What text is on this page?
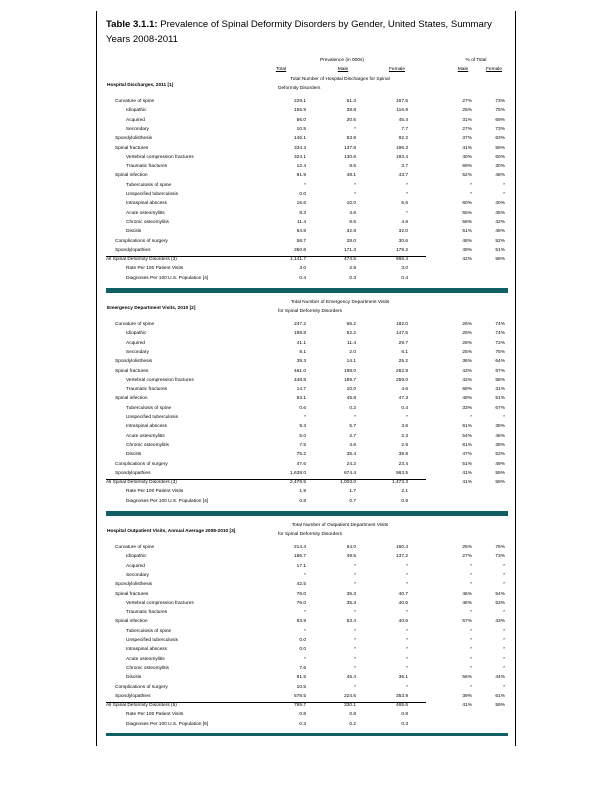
Table 3.1.1: Prevalence of Spinal Deformity Disorders by Gender, United States, Summary Years 2008-2011
Prevalence (in 000s)	% of Total
Total	Male	Female	Male	Female
Total Number of Hospital Discharges for Spinal
Deformity Disorders
Hospital Discharges, 2011 [1]
Curvature of spine	229.1	61.3	167.6	27%	73%
Idiopathic	155.9	38.8	116.9	25%	75%
Acquired	66.0	20.6	45.4	31%	69%
Secondary	10.5	*	7.7	27%	73%
Spondylolisthesis	146.1	53.9	92.2	37%	63%
Spinal fractures	334.3	137.8	196.3	41%	59%
Vertebral compression fractures	324.1	130.6	193.4	40%	60%
Traumatic fractures	12.4	8.6	3.7	69%	30%
Spinal infection	91.9	48.1	43.7	52%	48%
Tuberculosis of spine	*	*	*	*	*
Unspecified tuberculosis	0.0	*	*	*	*
Intraspinal abscess	16.6	10.0	6.6	60%	40%
Acute osteomylitis	8.3	4.6	*	55%	45%
Chronic osteomylitis	11.4	6.6	4.8	58%	42%
Discitis	64.8	32.8	32.0	51%	49%
Complications of surgery	58.7	28.0	30.6	48%	52%
Spondylopathies	350.8	171.3	179.2	49%	51%
All Spinal Deformity Disorders (3)	1,141.7	474.5	666.4	42%	58%
Rate Per 100 Patient Visits	3.0	2.9	3.0
Diagnoses Per 100 U.S. Population [4]	0.4	0.3	0.4
Total Number of Emergency Department Visits
for Spinal Deformity Disorders
Emergency Department Visits, 2010 [2]
Curvature of spine	247.2	65.2	182.0	26%	74%
Idiopathic	199.8	52.2	147.6	26%	74%
Acquired	41.1	11.4	29.7	28%	72%
Secondary	8.1	2.0	6.1	25%	75%
Spondylolisthesis	39.3	14.1	25.2	36%	64%
Spinal fractures	461.0	198.0	262.9	43%	57%
Vertebral compression fractures	448.8	189.7	259.0	42%	58%
Traumatic fractures	14.7	10.0	4.6	68%	31%
Spinal infection	93.1	45.8	47.3	49%	51%
Tuberculosis of spine	0.6	0.2	0.4	33%	67%
Unspecified tuberculosis	*	*	*	*	*
Intraspinal abscess	9.3	5.7	3.6	61%	39%
Acute osteomylitis	5.0	2.7	2.3	54%	46%
Chronic osteomylitis	7.5	4.6	2.9	61%	39%
Discitis	75.2	35.4	39.8	47%	53%
Complications of surgery	47.6	24.2	23.4	51%	49%
Spondylopathies	1,638.0	674.4	963.5	41%	59%
All Spinal Deformity Disorders (3)	2,476.5	1,003.0	1,473.3	41%	59%
Rate Per 100 Patient Visits	1.9	1.7	2.1
Diagnoses Per 100 U.S. Population [4]	0.8	0.7	0.9
Total Number of Outpatient Department Visits
for Spinal Deformity Disorders
Hospital Outpatient Visits, Annual Average 2008-2010 [3]
Curvature of spine	214.4	54.0	160.4	25%	75%
Idiopathic	186.7	49.5	137.2	27%	73%
Acquired	17.1	*	*	*	*
Secondary	*	*	*	*	*
Spondylolisthesis	42.5	*	*	*	*
Spinal fractures	76.0	35.3	40.7	46%	54%
Vertebral compression fractures	76.0	35.3	40.6	46%	53%
Traumatic fractures	*	*	*	*	*
Spinal infection	93.9	53.4	40.6	57%	43%
Tuberculosis of spine	*	*	*	*	*
Unspecified tuberculosis	0.0	*	*	*	*
Intraspinal abscess	0.0	*	*	*	*
Acute osteomylitis	*	*	*	*	*
Chronic osteomylitis	7.6	*	*	*	*
Discitis	81.5	45.4	36.1	56%	44%
Complications of surgery	10.5	*	*	*	*
Spondylopathies	578.5	224.6	353.9	39%	61%
All Spinal Deformity Disorders (5)	795.7	330.1	465.6	41%	59%
Rate Per 100 Patient Visits	0.8	0.8	0.8
Diagnoses Per 100 U.S. Population [6]	0.3	0.2	0.3
